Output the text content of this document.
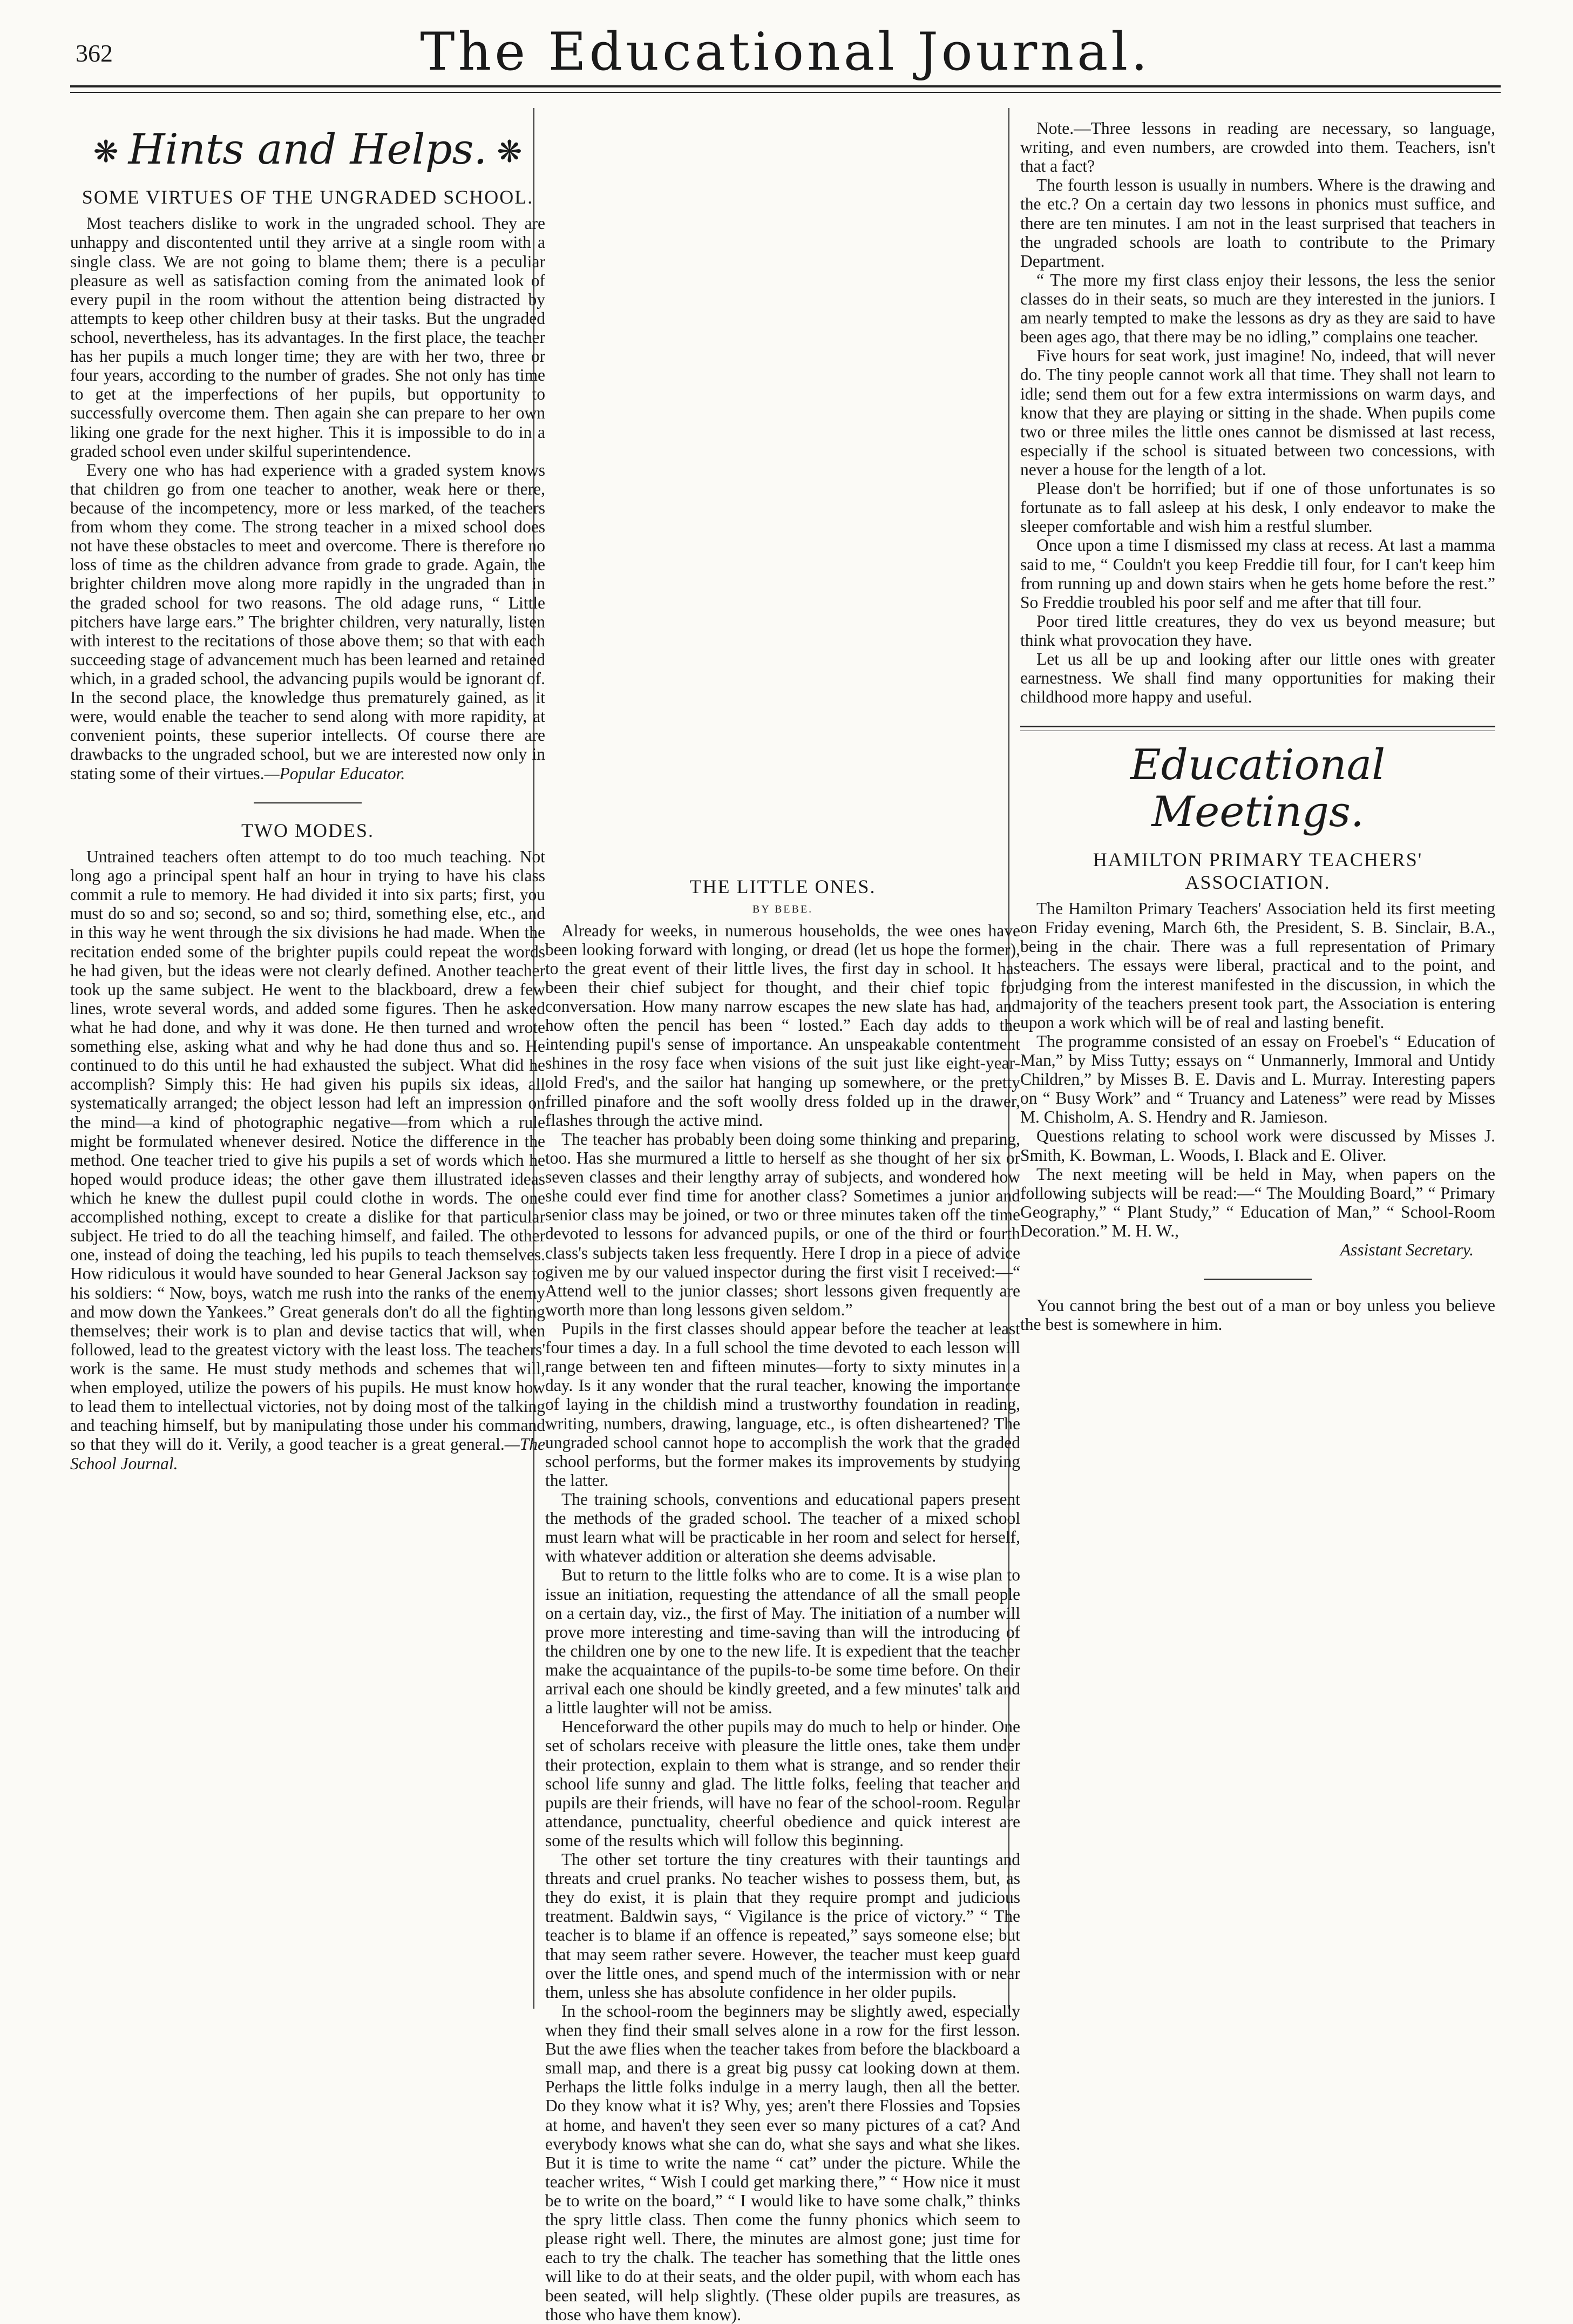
362	The Educational Journal.
❋ Hints and Helps. ❋
SOME VIRTUES OF THE UNGRADED SCHOOL.

Most teachers dislike to work in the ungraded school. They are unhappy and discontented until they arrive at a single room with a single class. We are not going to blame them; there is a peculiar pleasure as well as satisfaction coming from the animated look of every pupil in the room without the attention being distracted by attempts to keep other children busy at their tasks. But the ungraded school, nevertheless, has its advantages. In the first place, the teacher has her pupils a much longer time; they are with her two, three or four years, according to the number of grades. She not only has time to get at the imperfections of her pupils, but opportunity to successfully overcome them. Then again she can prepare to her own liking one grade for the next higher. This it is impossible to do in a graded school even under skilful superintendence.

Every one who has had experience with a graded system knows that children go from one teacher to another, weak here or there, because of the incompetency, more or less marked, of the teachers from whom they come. The strong teacher in a mixed school does not have these obstacles to meet and overcome. There is therefore no loss of time as the children advance from grade to grade. Again, the brighter children move along more rapidly in the ungraded than in the graded school for two reasons. The old adage runs, “ Little pitchers have large ears.” The brighter children, very naturally, listen with interest to the recitations of those above them; so that with each succeeding stage of advancement much has been learned and retained which, in a graded school, the advancing pupils would be ignorant of. In the second place, the knowledge thus prematurely gained, as it were, would enable the teacher to send along with more rapidity, at convenient points, these superior intellects. Of course there are drawbacks to the ungraded school, but we are interested now only in stating some of their virtues.—Popular Educator.

TWO MODES.

Untrained teachers often attempt to do too much teaching. Not long ago a principal spent half an hour in trying to have his class commit a rule to memory. He had divided it into six parts; first, you must do so and so; second, so and so; third, something else, etc., and in this way he went through the six divisions he had made. When the recitation ended some of the brighter pupils could repeat the words he had given, but the ideas were not clearly defined. Another teacher took up the same subject. He went to the blackboard, drew a few lines, wrote several words, and added some figures. Then he asked what he had done, and why it was done. He then turned and wrote something else, asking what and why he had done thus and so. He continued to do this until he had exhausted the subject. What did he accomplish? Simply this: He had given his pupils six ideas, all systematically arranged; the object lesson had left an impression on the mind—a kind of photographic negative—from which a rule might be formulated whenever desired. Notice the difference in the method. One teacher tried to give his pupils a set of words which he hoped would produce ideas; the other gave them illustrated ideas which he knew the dullest pupil could clothe in words. The one accomplished nothing, except to create a dislike for that particular subject. He tried to do all the teaching himself, and failed. The other one, instead of doing the teaching, led his pupils to teach themselves. How ridiculous it would have sounded to hear General Jackson say to his soldiers: “ Now, boys, watch me rush into the ranks of the enemy and mow down the Yankees.” Great generals don't do all the fighting themselves; their work is to plan and devise tactics that will, when followed, lead to the greatest victory with the least loss. The teachers' work is the same. He must study methods and schemes that will, when employed, utilize the powers of his pupils. He must know how to lead them to intellectual victories, not by doing most of the talking and teaching himself, but by manipulating those under his command so that they will do it. Verily, a good teacher is a great general.—The School Journal.

THE LITTLE ONES.
BY BEBE.

Already for weeks, in numerous households, the wee ones have been looking forward with longing, or dread (let us hope the former), to the great event of their little lives, the first day in school. It has been their chief subject for thought, and their chief topic for conversation. How many narrow escapes the new slate has had, and how often the pencil has been “ losted.” Each day adds to the intending pupil's sense of importance. An unspeakable contentment shines in the rosy face when visions of the suit just like eight-year-old Fred's, and the sailor hat hanging up somewhere, or the pretty frilled pinafore and the soft woolly dress folded up in the drawer, flashes through the active mind.

The teacher has probably been doing some thinking and preparing, too. Has she murmured a little to herself as she thought of her six or seven classes and their lengthy array of subjects, and wondered how she could ever find time for another class? Sometimes a junior and senior class may be joined, or two or three minutes taken off the time devoted to lessons for advanced pupils, or one of the third or fourth class's subjects taken less frequently. Here I drop in a piece of advice given me by our valued inspector during the first visit I received:—“ Attend well to the junior classes; short lessons given frequently are worth more than long lessons given seldom.”

Pupils in the first classes should appear before the teacher at least four times a day. In a full school the time devoted to each lesson will range between ten and fifteen minutes—forty to sixty minutes in a day. Is it any wonder that the rural teacher, knowing the importance of laying in the childish mind a trustworthy foundation in reading, writing, numbers, drawing, language, etc., is often disheartened? The ungraded school cannot hope to accomplish the work that the graded school performs, but the former makes its improvements by studying the latter.

The training schools, conventions and educational papers present the methods of the graded school. The teacher of a mixed school must learn what will be practicable in her room and select for herself, with whatever addition or alteration she deems advisable.

But to return to the little folks who are to come. It is a wise plan to issue an initiation, requesting the attendance of all the small people on a certain day, viz., the first of May. The initiation of a number will prove more interesting and time-saving than will the introducing of the children one by one to the new life. It is expedient that the teacher make the acquaintance of the pupils-to-be some time before. On their arrival each one should be kindly greeted, and a few minutes' talk and a little laughter will not be amiss.

Henceforward the other pupils may do much to help or hinder. One set of scholars receive with pleasure the little ones, take them under their protection, explain to them what is strange, and so render their school life sunny and glad. The little folks, feeling that teacher and pupils are their friends, will have no fear of the school-room. Regular attendance, punctuality, cheerful obedience and quick interest are some of the results which will follow this beginning.

The other set torture the tiny creatures with their tauntings and threats and cruel pranks. No teacher wishes to possess them, but, as they do exist, it is plain that they require prompt and judicious treatment. Baldwin says, “ Vigilance is the price of victory.” “ The teacher is to blame if an offence is repeated,” says someone else; but that may seem rather severe. However, the teacher must keep guard over the little ones, and spend much of the intermission with or near them, unless she has absolute confidence in her older pupils.

In the school-room the beginners may be slightly awed, especially when they find their small selves alone in a row for the first lesson. But the awe flies when the teacher takes from before the blackboard a small map, and there is a great big pussy cat looking down at them. Perhaps the little folks indulge in a merry laugh, then all the better. Do they know what it is? Why, yes; aren't there Flossies and Topsies at home, and haven't they seen ever so many pictures of a cat? And everybody knows what she can do, what she says and what she likes. But it is time to write the name “ cat” under the picture. While the teacher writes, “ Wish I could get marking there,” “ How nice it must be to write on the board,” “ I would like to have some chalk,” thinks the spry little class. Then come the funny phonics which seem to please right well. There, the minutes are almost gone; just time for each to try the chalk. The teacher has something that the little ones will like to do at their seats, and the older pupil, with whom each has been seated, will help slightly. (These older pupils are treasures, as those who have them know).

Note.—Three lessons in reading are necessary, so language, writing, and even numbers, are crowded into them. Teachers, isn't that a fact?

The fourth lesson is usually in numbers. Where is the drawing and the etc.? On a certain day two lessons in phonics must suffice, and there are ten minutes. I am not in the least surprised that teachers in the ungraded schools are loath to contribute to the Primary Department.

“ The more my first class enjoy their lessons, the less the senior classes do in their seats, so much are they interested in the juniors. I am nearly tempted to make the lessons as dry as they are said to have been ages ago, that there may be no idling,” complains one teacher.

Five hours for seat work, just imagine! No, indeed, that will never do. The tiny people cannot work all that time. They shall not learn to idle; send them out for a few extra intermissions on warm days, and know that they are playing or sitting in the shade. When pupils come two or three miles the little ones cannot be dismissed at last recess, especially if the school is situated between two concessions, with never a house for the length of a lot.

Please don't be horrified; but if one of those unfortunates is so fortunate as to fall asleep at his desk, I only endeavor to make the sleeper comfortable and wish him a restful slumber.

Once upon a time I dismissed my class at recess. At last a mamma said to me, “ Couldn't you keep Freddie till four, for I can't keep him from running up and down stairs when he gets home before the rest.” So Freddie troubled his poor self and me after that till four.

Poor tired little creatures, they do vex us beyond measure; but think what provocation they have.

Let us all be up and looking after our little ones with greater earnestness. We shall find many opportunities for making their childhood more happy and useful.

Educational Meetings.
HAMILTON PRIMARY TEACHERS' ASSOCIATION.

The Hamilton Primary Teachers' Association held its first meeting on Friday evening, March 6th, the President, S. B. Sinclair, B.A., being in the chair. There was a full representation of Primary teachers. The essays were liberal, practical and to the point, and judging from the interest manifested in the discussion, in which the majority of the teachers present took part, the Association is entering upon a work which will be of real and lasting benefit.

The programme consisted of an essay on Froebel's “ Education of Man,” by Miss Tutty; essays on “ Unmannerly, Immoral and Untidy Children,” by Misses B. E. Davis and L. Murray. Interesting papers on “ Busy Work” and “ Truancy and Lateness” were read by Misses M. Chisholm, A. S. Hendry and R. Jamieson.

Questions relating to school work were discussed by Misses J. Smith, K. Bowman, L. Woods, I. Black and E. Oliver.

The next meeting will be held in May, when papers on the following subjects will be read:—“ The Moulding Board,” “ Primary Geography,” “ Plant Study,” “ Education of Man,” “ School-Room Decoration.” M. H. W.,

Assistant Secretary.

You cannot bring the best out of a man or boy unless you believe the best is somewhere in him.
